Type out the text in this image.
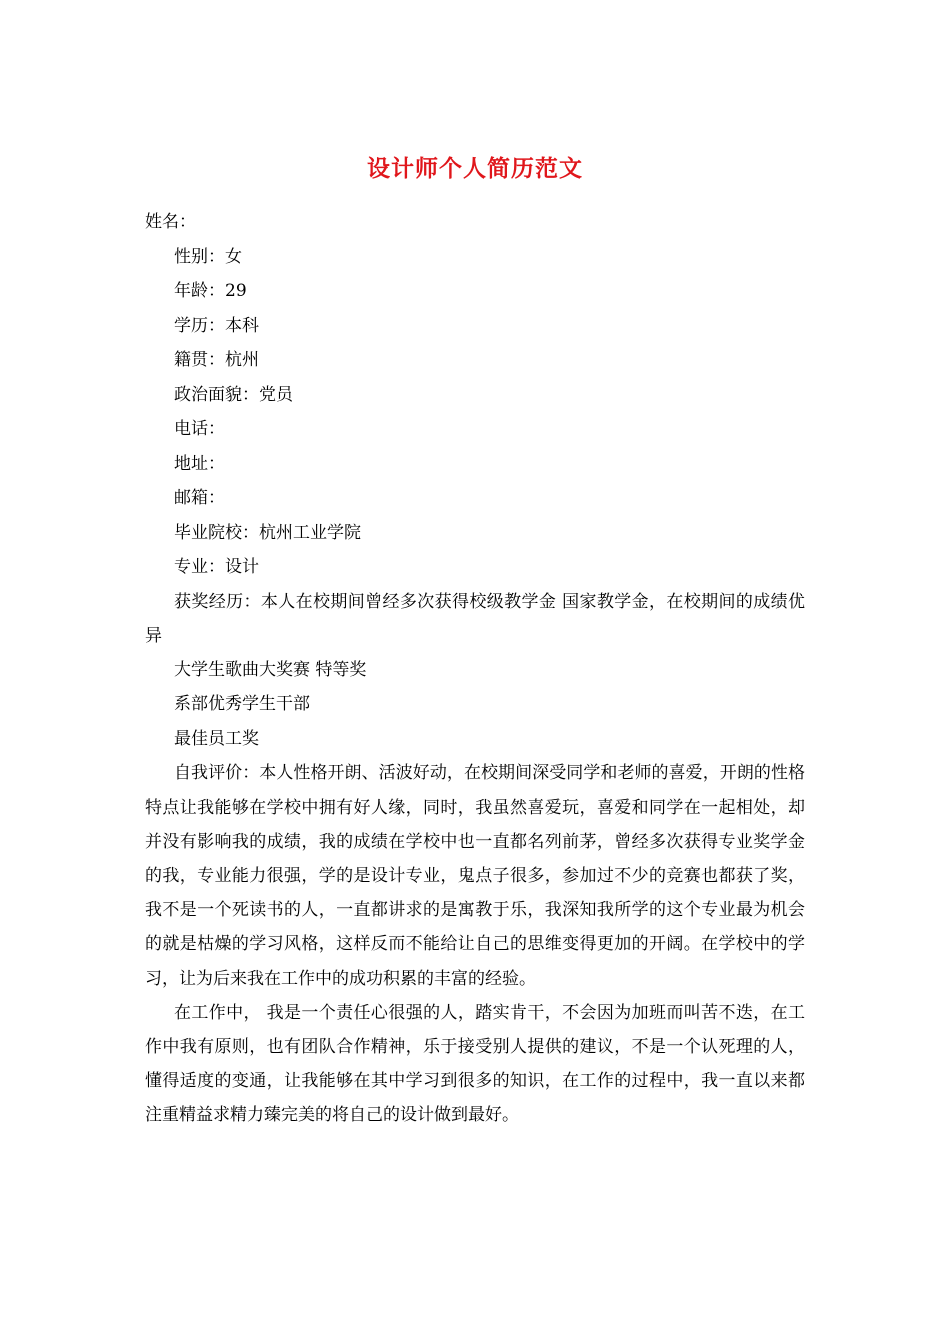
设计师个人简历范文

姓名：

性别：女

年龄：29

学历：本科

籍贯：杭州

政治面貌：党员

电话：

地址：

邮箱：

毕业院校：杭州工业学院

专业：设计

获奖经历：本人在校期间曾经多次获得校级教学金 国家教学金，在校期间的成绩优异

大学生歌曲大奖赛 特等奖

系部优秀学生干部

最佳员工奖

自我评价：本人性格开朗、活波好动，在校期间深受同学和老师的喜爱，开朗的性格特点让我能够在学校中拥有好人缘，同时，我虽然喜爱玩，喜爱和同学在一起相处，却并没有影响我的成绩，我的成绩在学校中也一直都名列前茅，曾经多次获得专业奖学金的我，专业能力很强，学的是设计专业，鬼点子很多，参加过不少的竞赛也都获了奖，我不是一个死读书的人，一直都讲求的是寓教于乐，我深知我所学的这个专业最为机会的就是枯燥的学习风格，这样反而不能给让自己的思维变得更加的开阔。在学校中的学习，让为后来我在工作中的成功积累的丰富的经验。

在工作中， 我是一个责任心很强的人，踏实肯干，不会因为加班而叫苦不迭，在工作中我有原则，也有团队合作精神，乐于接受别人提供的建议，不是一个认死理的人，懂得适度的变通，让我能够在其中学习到很多的知识，在工作的过程中，我一直以来都注重精益求精力臻完美的将自己的设计做到最好。
